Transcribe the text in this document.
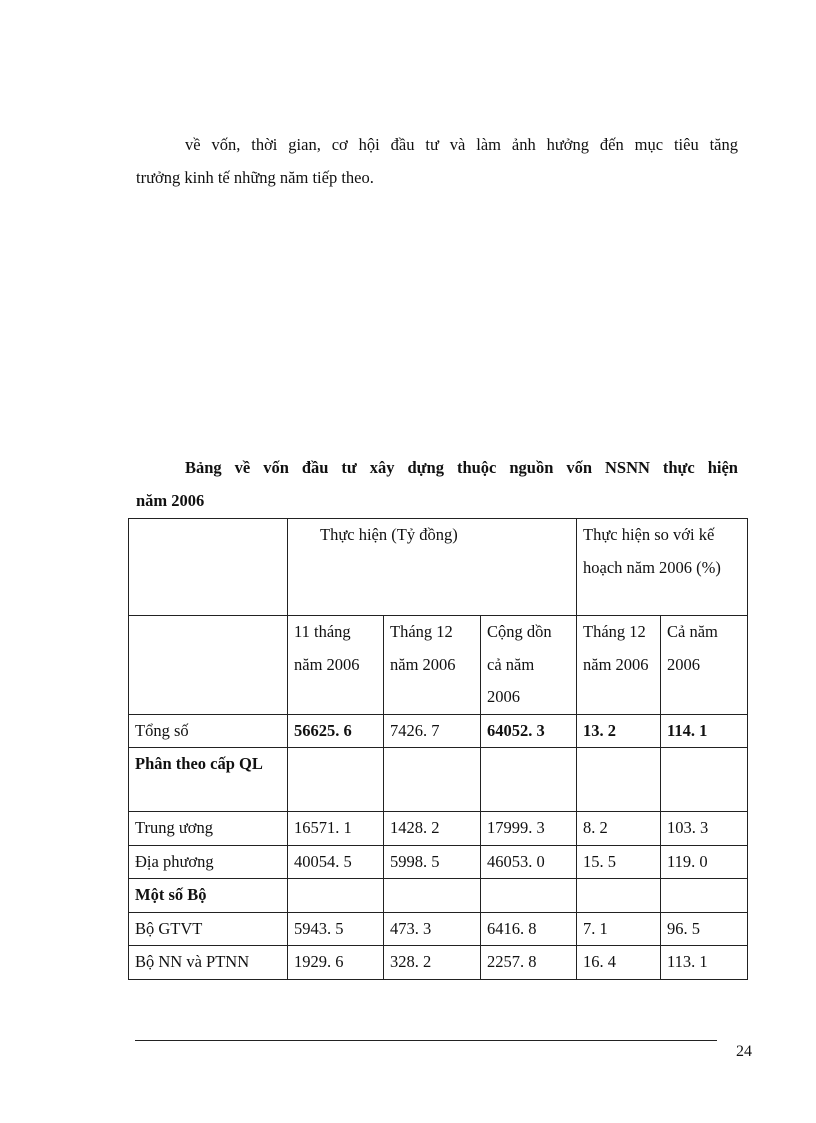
về vốn, thời gian, cơ hội đầu tư và làm ảnh hưởng đến mục tiêu tăng
trưởng kinh tế những năm tiếp theo.
Bảng về vốn đầu tư xây dựng thuộc nguồn vốn NSNN thực hiện
năm 2006
	Thực hiện (Tỷ đồng)			Thực hiện so với kế hoạch năm 2006 (%)	
	11 tháng năm 2006	Tháng 12 năm 2006	Cộng dồn cả năm 2006	Tháng 12 năm 2006	Cả năm 2006
Tổng số	56625. 6	7426. 7	64052. 3	13. 2	114. 1
Phân theo cấp QL					
Trung ương	16571. 1	1428. 2	17999. 3	8. 2	103. 3
Địa phương	40054. 5	5998. 5	46053. 0	15. 5	119. 0
Một số Bộ					
Bộ GTVT	5943. 5	473. 3	6416. 8	7. 1	96. 5
Bộ NN và PTNN	1929. 6	328. 2	2257. 8	16. 4	113. 1
24
